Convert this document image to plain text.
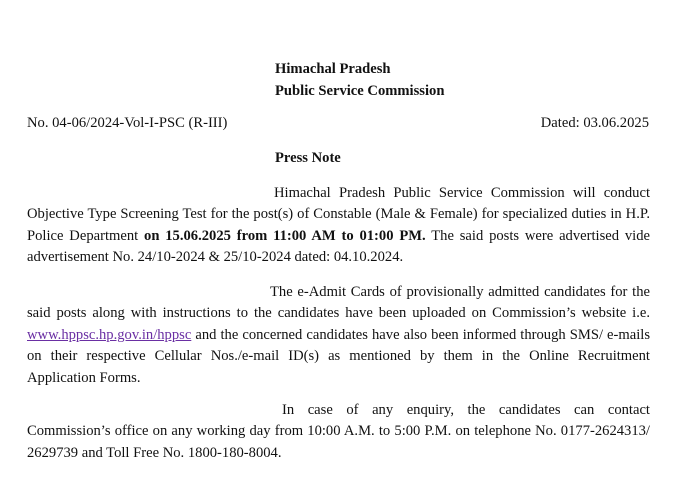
Himachal Pradesh
Public Service Commission
No. 04-06/2024-Vol-I-PSC (R-III)	Dated: 03.06.2025
Press Note
Himachal Pradesh Public Service Commission will conduct Objective Type Screening Test for the post(s) of Constable (Male & Female) for specialized duties in H.P. Police Department on 15.06.2025 from 11:00 AM to 01:00 PM. The said posts were advertised vide advertisement No. 24/10-2024 & 25/10-2024 dated: 04.10.2024.
The e-Admit Cards of provisionally admitted candidates for the said posts along with instructions to the candidates have been uploaded on Commission’s website i.e. www.hppsc.hp.gov.in/hppsc and the concerned candidates have also been informed through SMS/ e-mails on their respective Cellular Nos./e-mail ID(s) as mentioned by them in the Online Recruitment Application Forms.
In case of any enquiry, the candidates can contact Commission’s office on any working day from 10:00 A.M. to 5:00 P.M. on telephone No. 0177-2624313/ 2629739 and Toll Free No. 1800-180-8004.
